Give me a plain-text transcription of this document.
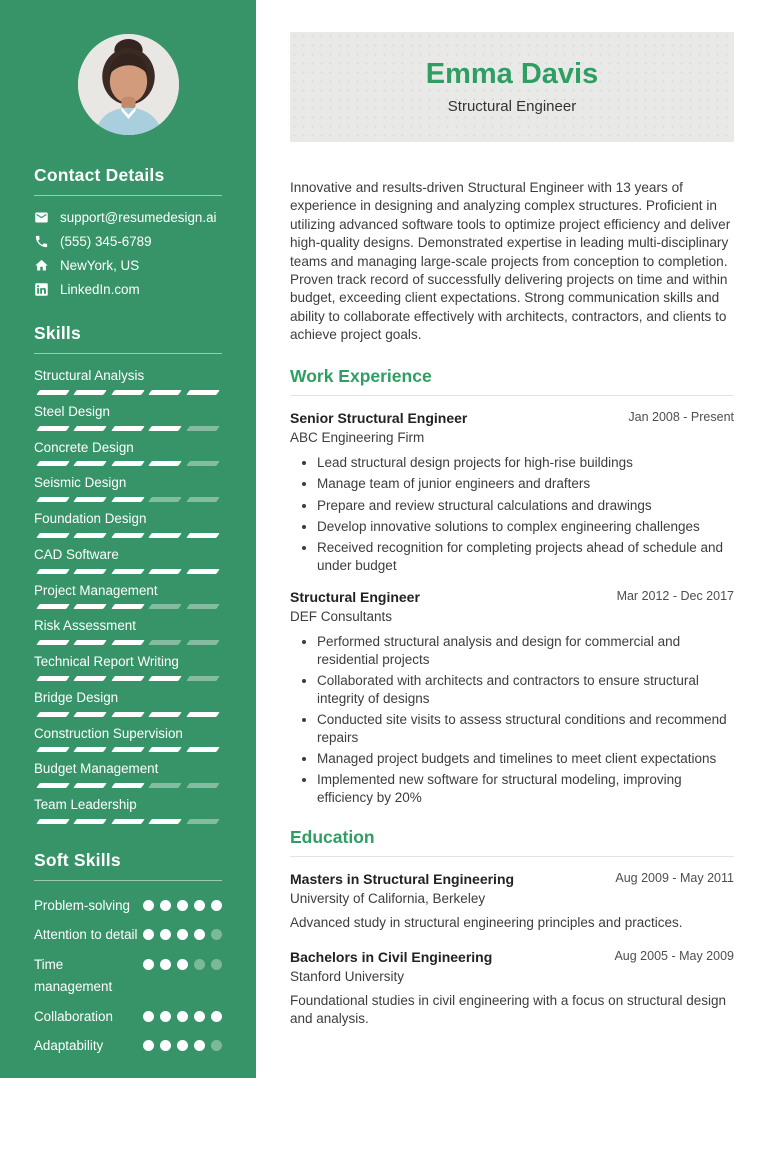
Contact Details
support@resumedesign.ai
(555) 345-6789
NewYork, US
LinkedIn.com
Skills
Structural Analysis
Steel Design
Concrete Design
Seismic Design
Foundation Design
CAD Software
Project Management
Risk Assessment
Technical Report Writing
Bridge Design
Construction Supervision
Budget Management
Team Leadership
Soft Skills
Problem-solving
Attention to detail
Time management
Collaboration
Adaptability
Languages
English	Spanish
Emma Davis
Structural Engineer

Innovative and results-driven Structural Engineer with 13 years of experience in designing and analyzing complex structures. Proficient in utilizing advanced software tools to optimize project efficiency and deliver high-quality designs. Demonstrated expertise in leading multi-disciplinary teams and managing large-scale projects from conception to completion. Proven track record of successfully delivering projects on time and within budget, exceeding client expectations. Strong communication skills and ability to collaborate effectively with architects, contractors, and clients to achieve project goals.

Work Experience
Senior Structural Engineer	Jan 2008 - Present
ABC Engineering Firm
• Lead structural design projects for high-rise buildings
• Manage team of junior engineers and drafters
• Prepare and review structural calculations and drawings
• Develop innovative solutions to complex engineering challenges
• Received recognition for completing projects ahead of schedule and under budget
Structural Engineer	Mar 2012 - Dec 2017
DEF Consultants
• Performed structural analysis and design for commercial and residential projects
• Collaborated with architects and contractors to ensure structural integrity of designs
• Conducted site visits to assess structural conditions and recommend repairs
• Managed project budgets and timelines to meet client expectations
• Implemented new software for structural modeling, improving efficiency by 20%
Education
Masters in Structural Engineering	Aug 2009 - May 2011
University of California, Berkeley

Advanced study in structural engineering principles and practices.

Bachelors in Civil Engineering	Aug 2005 - May 2009
Stanford University

Foundational studies in civil engineering with a focus on structural design and analysis.
